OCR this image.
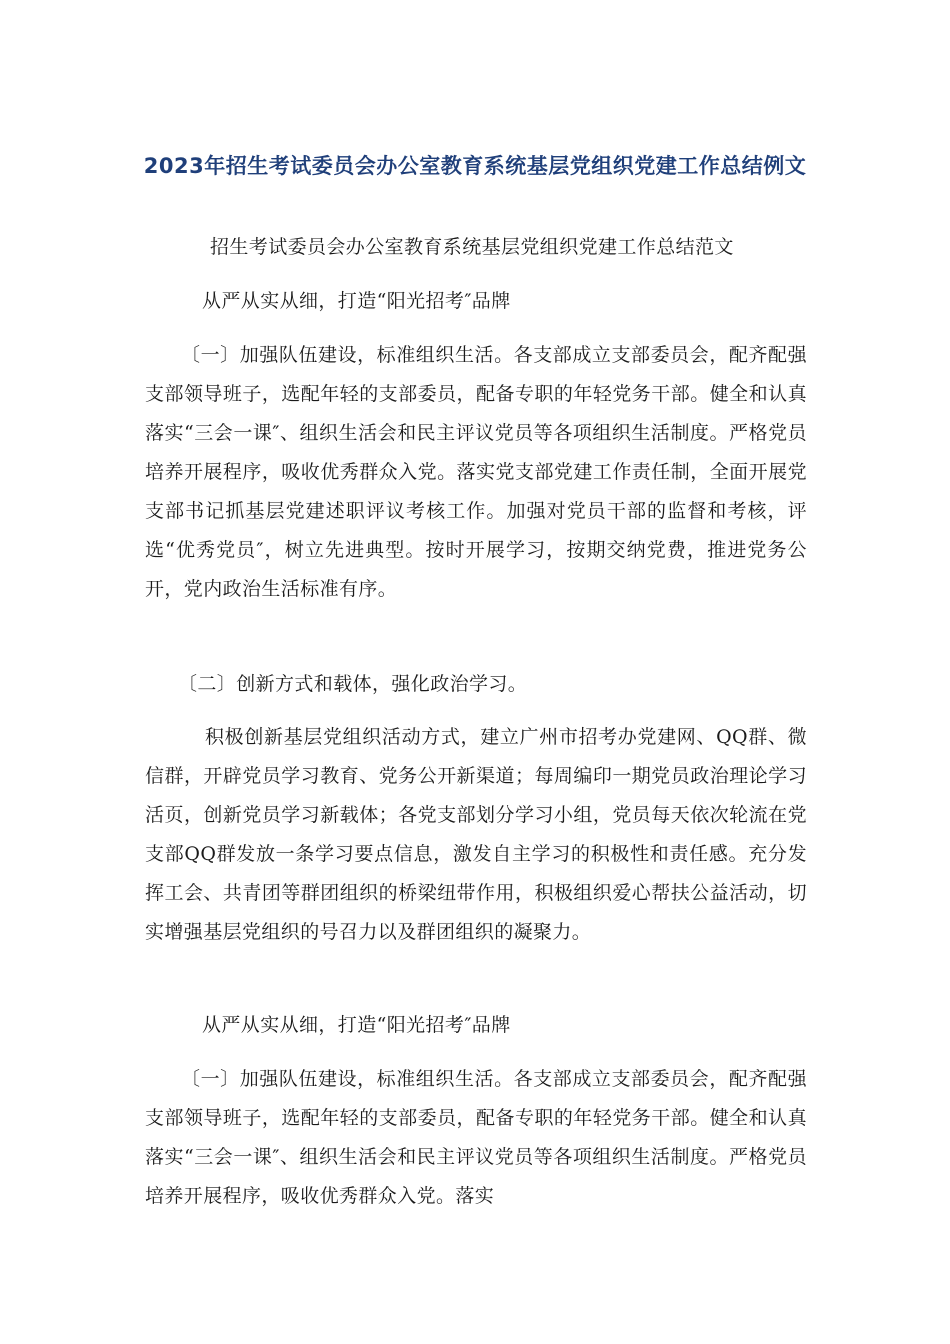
2023年招生考试委员会办公室教育系统基层党组织党建工作总结例文

招生考试委员会办公室教育系统基层党组织党建工作总结范文

从严从实从细，打造“阳光招考″品牌

〔一〕加强队伍建设，标准组织生活。各支部成立支部委员会，配齐配强支部领导班子，选配年轻的支部委员，配备专职的年轻党务干部。健全和认真落实“三会一课″、组织生活会和民主评议党员等各项组织生活制度。严格党员培养开展程序，吸收优秀群众入党。落实党支部党建工作责任制，全面开展党支部书记抓基层党建述职评议考核工作。加强对党员干部的监督和考核，评选“优秀党员″，树立先进典型。按时开展学习，按期交纳党费，推进党务公开，党内政治生活标准有序。

〔二〕创新方式和载体，强化政治学习。

积极创新基层党组织活动方式，建立广州市招考办党建网、QQ群、微信群，开辟党员学习教育、党务公开新渠道；每周编印一期党员政治理论学习活页，创新党员学习新载体；各党支部划分学习小组，党员每天依次轮流在党支部QQ群发放一条学习要点信息，激发自主学习的积极性和责任感。充分发挥工会、共青团等群团组织的桥梁纽带作用，积极组织爱心帮扶公益活动，切实增强基层党组织的号召力以及群团组织的凝聚力。

从严从实从细，打造“阳光招考″品牌

〔一〕加强队伍建设，标准组织生活。各支部成立支部委员会，配齐配强支部领导班子，选配年轻的支部委员，配备专职的年轻党务干部。健全和认真落实“三会一课″、组织生活会和民主评议党员等各项组织生活制度。严格党员培养开展程序，吸收优秀群众入党。落实
